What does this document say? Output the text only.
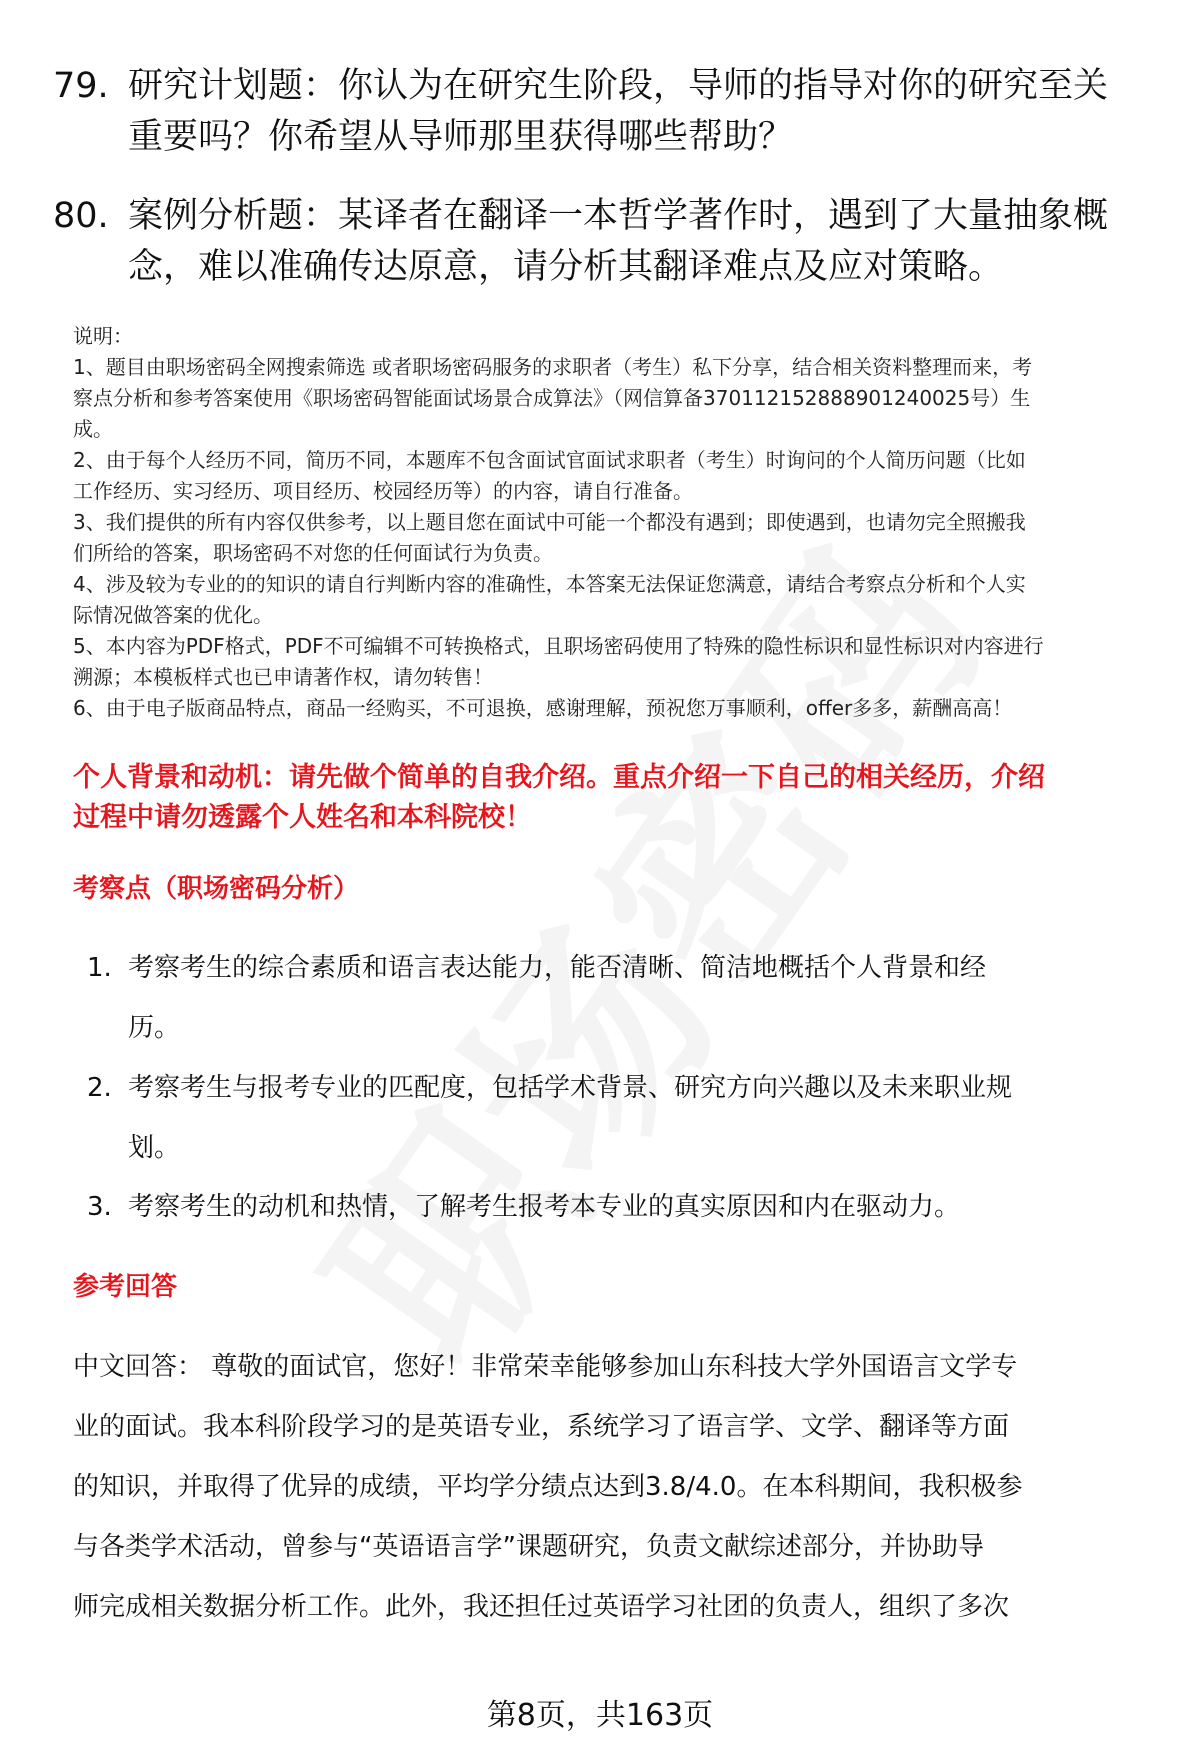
79. 研究计划题：你认为在研究生阶段，导师的指导对你的研究至关
重要吗？你希望从导师那里获得哪些帮助？
80. 案例分析题：某译者在翻译一本哲学著作时，遇到了大量抽象概
念，难以准确传达原意，请分析其翻译难点及应对策略。
说明：
1、题目由职场密码全网搜索筛选 或者职场密码服务的求职者（考生）私下分享，结合相关资料整理而来，考
察点分析和参考答案使用《职场密码智能面试场景合成算法》（网信算备370112152888901240025号）生
成。
2、由于每个人经历不同，简历不同，本题库不包含面试官面试求职者（考生）时询问的个人简历问题（比如
工作经历、实习经历、项目经历、校园经历等）的内容，请自行准备。
3、我们提供的所有内容仅供参考，以上题目您在面试中可能一个都没有遇到；即使遇到，也请勿完全照搬我
们所给的答案，职场密码不对您的任何面试行为负责。
4、涉及较为专业的的知识的请自行判断内容的准确性，本答案无法保证您满意，请结合考察点分析和个人实
际情况做答案的优化。
5、本内容为PDF格式，PDF不可编辑不可转换格式，且职场密码使用了特殊的隐性标识和显性标识对内容进行
溯源；本模板样式也已申请著作权，请勿转售！
6、由于电子版商品特点，商品一经购买，不可退换，感谢理解，预祝您万事顺利，offer多多，薪酬高高！
个人背景和动机：请先做个简单的自我介绍。重点介绍一下自己的相关经历，介绍
过程中请勿透露个人姓名和本科院校！
考察点（职场密码分析）
1. 考察考生的综合素质和语言表达能力，能否清晰、简洁地概括个人背景和经
历。
2. 考察考生与报考专业的匹配度，包括学术背景、研究方向兴趣以及未来职业规
划。
3. 考察考生的动机和热情，了解考生报考本专业的真实原因和内在驱动力。
参考回答
中文回答： 尊敬的面试官，您好！非常荣幸能够参加山东科技大学外国语言文学专
业的面试。我本科阶段学习的是英语专业，系统学习了语言学、文学、翻译等方面
的知识，并取得了优异的成绩，平均学分绩点达到3.8/4.0。在本科期间，我积极参
与各类学术活动，曾参与“英语语言学”课题研究，负责文献综述部分，并协助导
师完成相关数据分析工作。此外，我还担任过英语学习社团的负责人，组织了多次
第8页，共163页
